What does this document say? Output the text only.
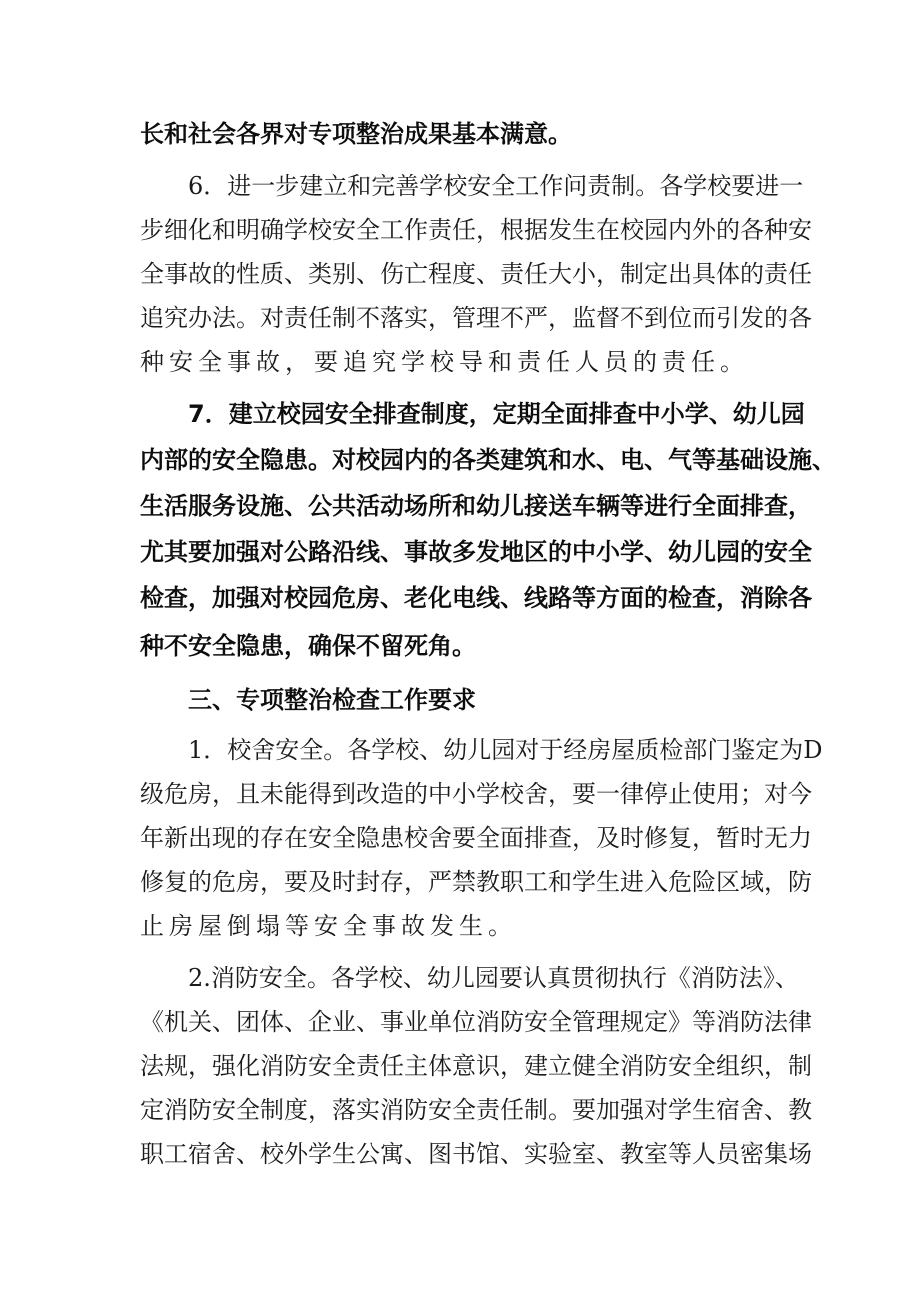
长和社会各界对专项整治成果基本满意。
6．进一步建立和完善学校安全工作问责制。各学校要进一
步细化和明确学校安全工作责任，根据发生在校园内外的各种安
全事故的性质、类别、伤亡程度、责任大小，制定出具体的责任
追究办法。对责任制不落实，管理不严，监督不到位而引发的各
种安全事故，要追究学校导和责任人员的责任。
7．建立校园安全排查制度，定期全面排查中小学、幼儿园
内部的安全隐患。对校园内的各类建筑和水、电、气等基础设施、
生活服务设施、公共活动场所和幼儿接送车辆等进行全面排查，
尤其要加强对公路沿线、事故多发地区的中小学、幼儿园的安全
检查，加强对校园危房、老化电线、线路等方面的检查，消除各
种不安全隐患，确保不留死角。
三、专项整治检查工作要求
1．校舍安全。各学校、幼儿园对于经房屋质检部门鉴定为D
级危房，且未能得到改造的中小学校舍，要一律停止使用；对今
年新出现的存在安全隐患校舍要全面排查，及时修复，暂时无力
修复的危房，要及时封存，严禁教职工和学生进入危险区域，防
止房屋倒塌等安全事故发生。
2.消防安全。各学校、幼儿园要认真贯彻执行《消防法》、
《机关、团体、企业、事业单位消防安全管理规定》等消防法律
法规，强化消防安全责任主体意识，建立健全消防安全组织，制
定消防安全制度，落实消防安全责任制。要加强对学生宿舍、教
职工宿舍、校外学生公寓、图书馆、实验室、教室等人员密集场
